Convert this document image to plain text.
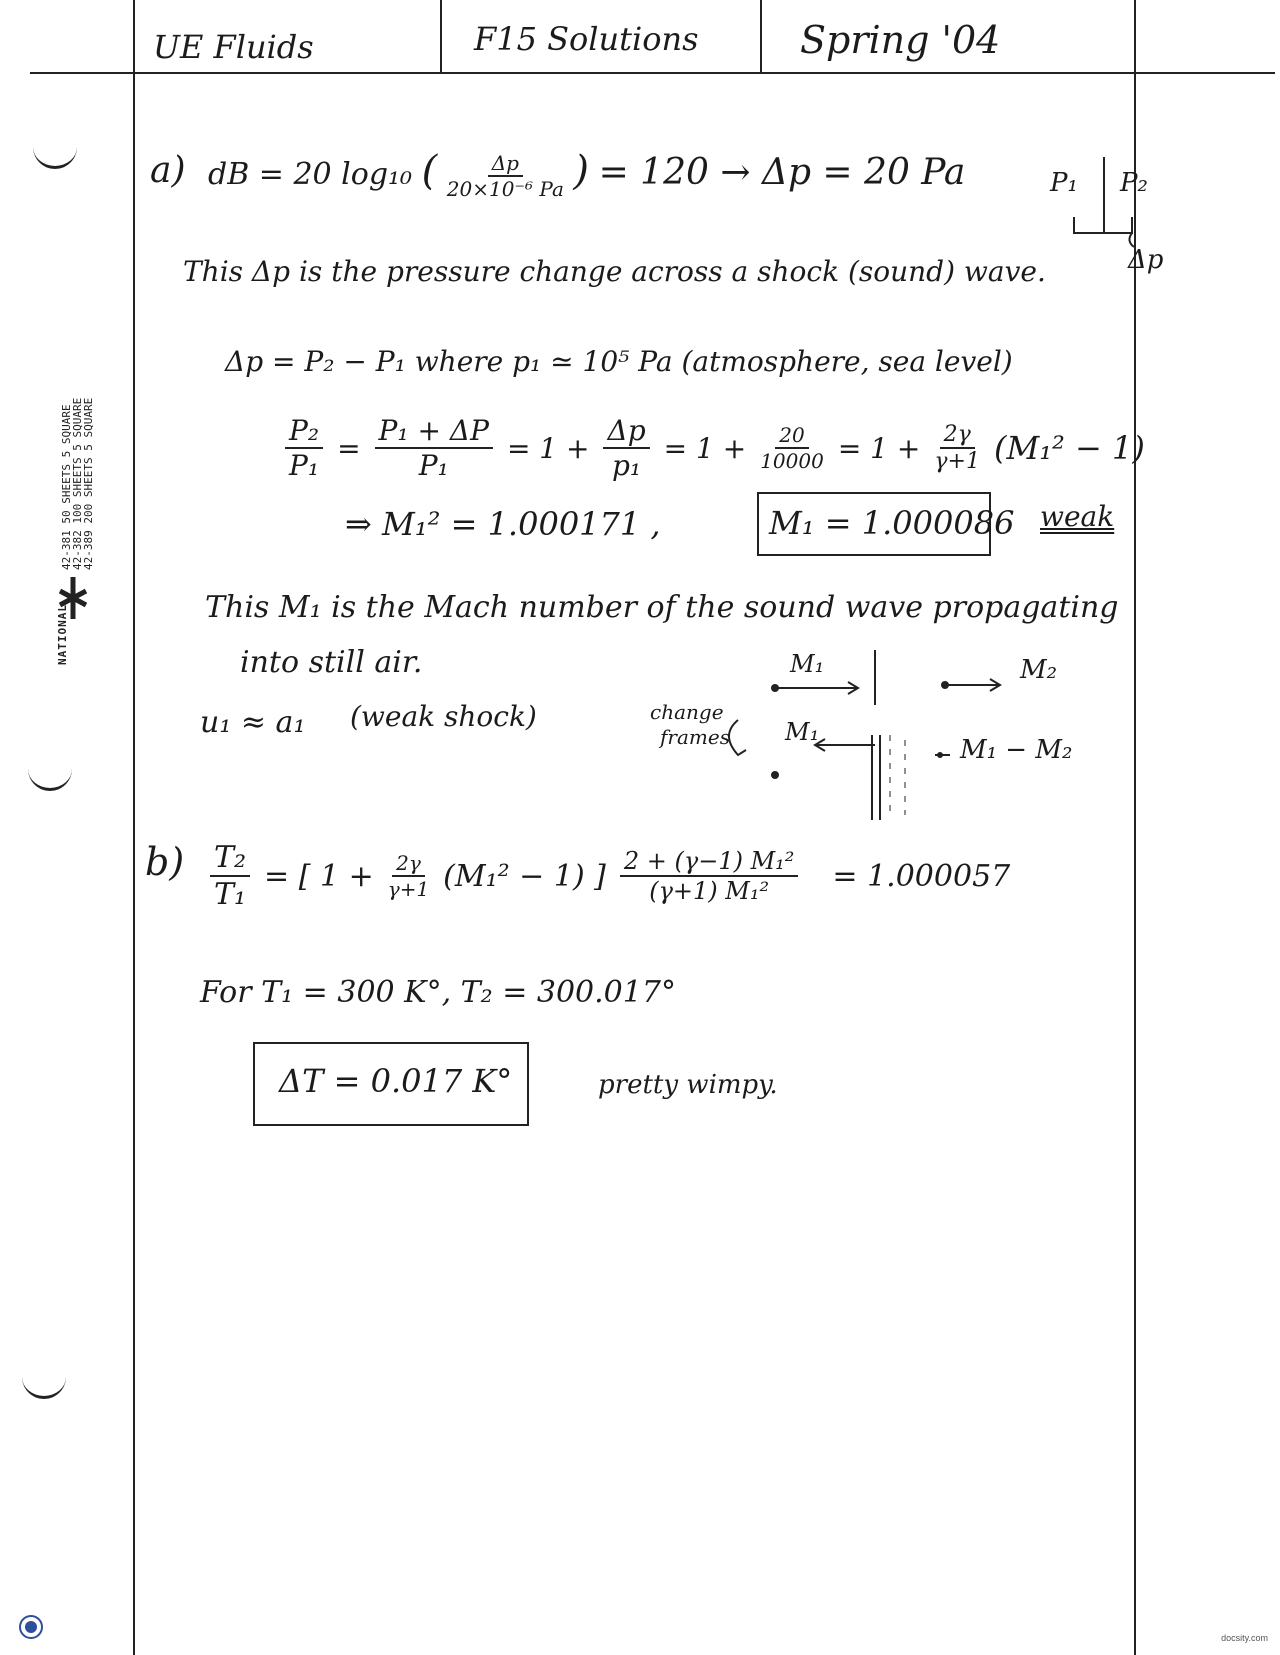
NATIONAL
42-381 50 SHEETS 5 SQUARE
42-382 100 SHEETS 5 SQUARE
42-389 200 SHEETS 5 SQUARE
UE Fluids	F15 Solutions	Spring '04
a) dB = 20 log₁₀ ( $\frac{\Delta p}{\text{20×10⁻⁶ Pa}}$ ) = 120 → Δp = 20 Pa	P₁ P₂
Δp
This Δp is the pressure change across a shock (sound) wave.
Δp = P₂ − P₁ where p₁ ≃ 10⁵ Pa (atmosphere, sea level)
$\frac{\text{P₂}}{\text{P₁}} = \frac{\text{P₁ + ΔP}}{\text{P₁}} = 1 + \frac{\Delta p}{\text{p₁}} = 1 + \frac{20}{10000} = 1 + \frac{2\gamma}{\gamma+1} (M_1^2 - 1)$
⇒ M₁² = 1.000171 ,	M₁ = 1.000086 weak
This M₁ is the Mach number of the sound wave propagating
into still air.
u₁ ≈ a₁ (weak shock)
M₁	M₂
change
frames M₁
M₁ − M₂
$b) \frac{\text{T₂}}{\text{T₁}}$ = [ $1 + \frac{2\gamma}{\gamma+1} (M_1^2 - 1)$ ] $\frac{\text{2 + (γ−1) M₁²}}{\text{(γ+1) M₁²}} = 1.000057$
For T₁ = 300 K°, T₂ = 300.017°
ΔT = 0.017 K°	pretty wimpy.
docsity.com
